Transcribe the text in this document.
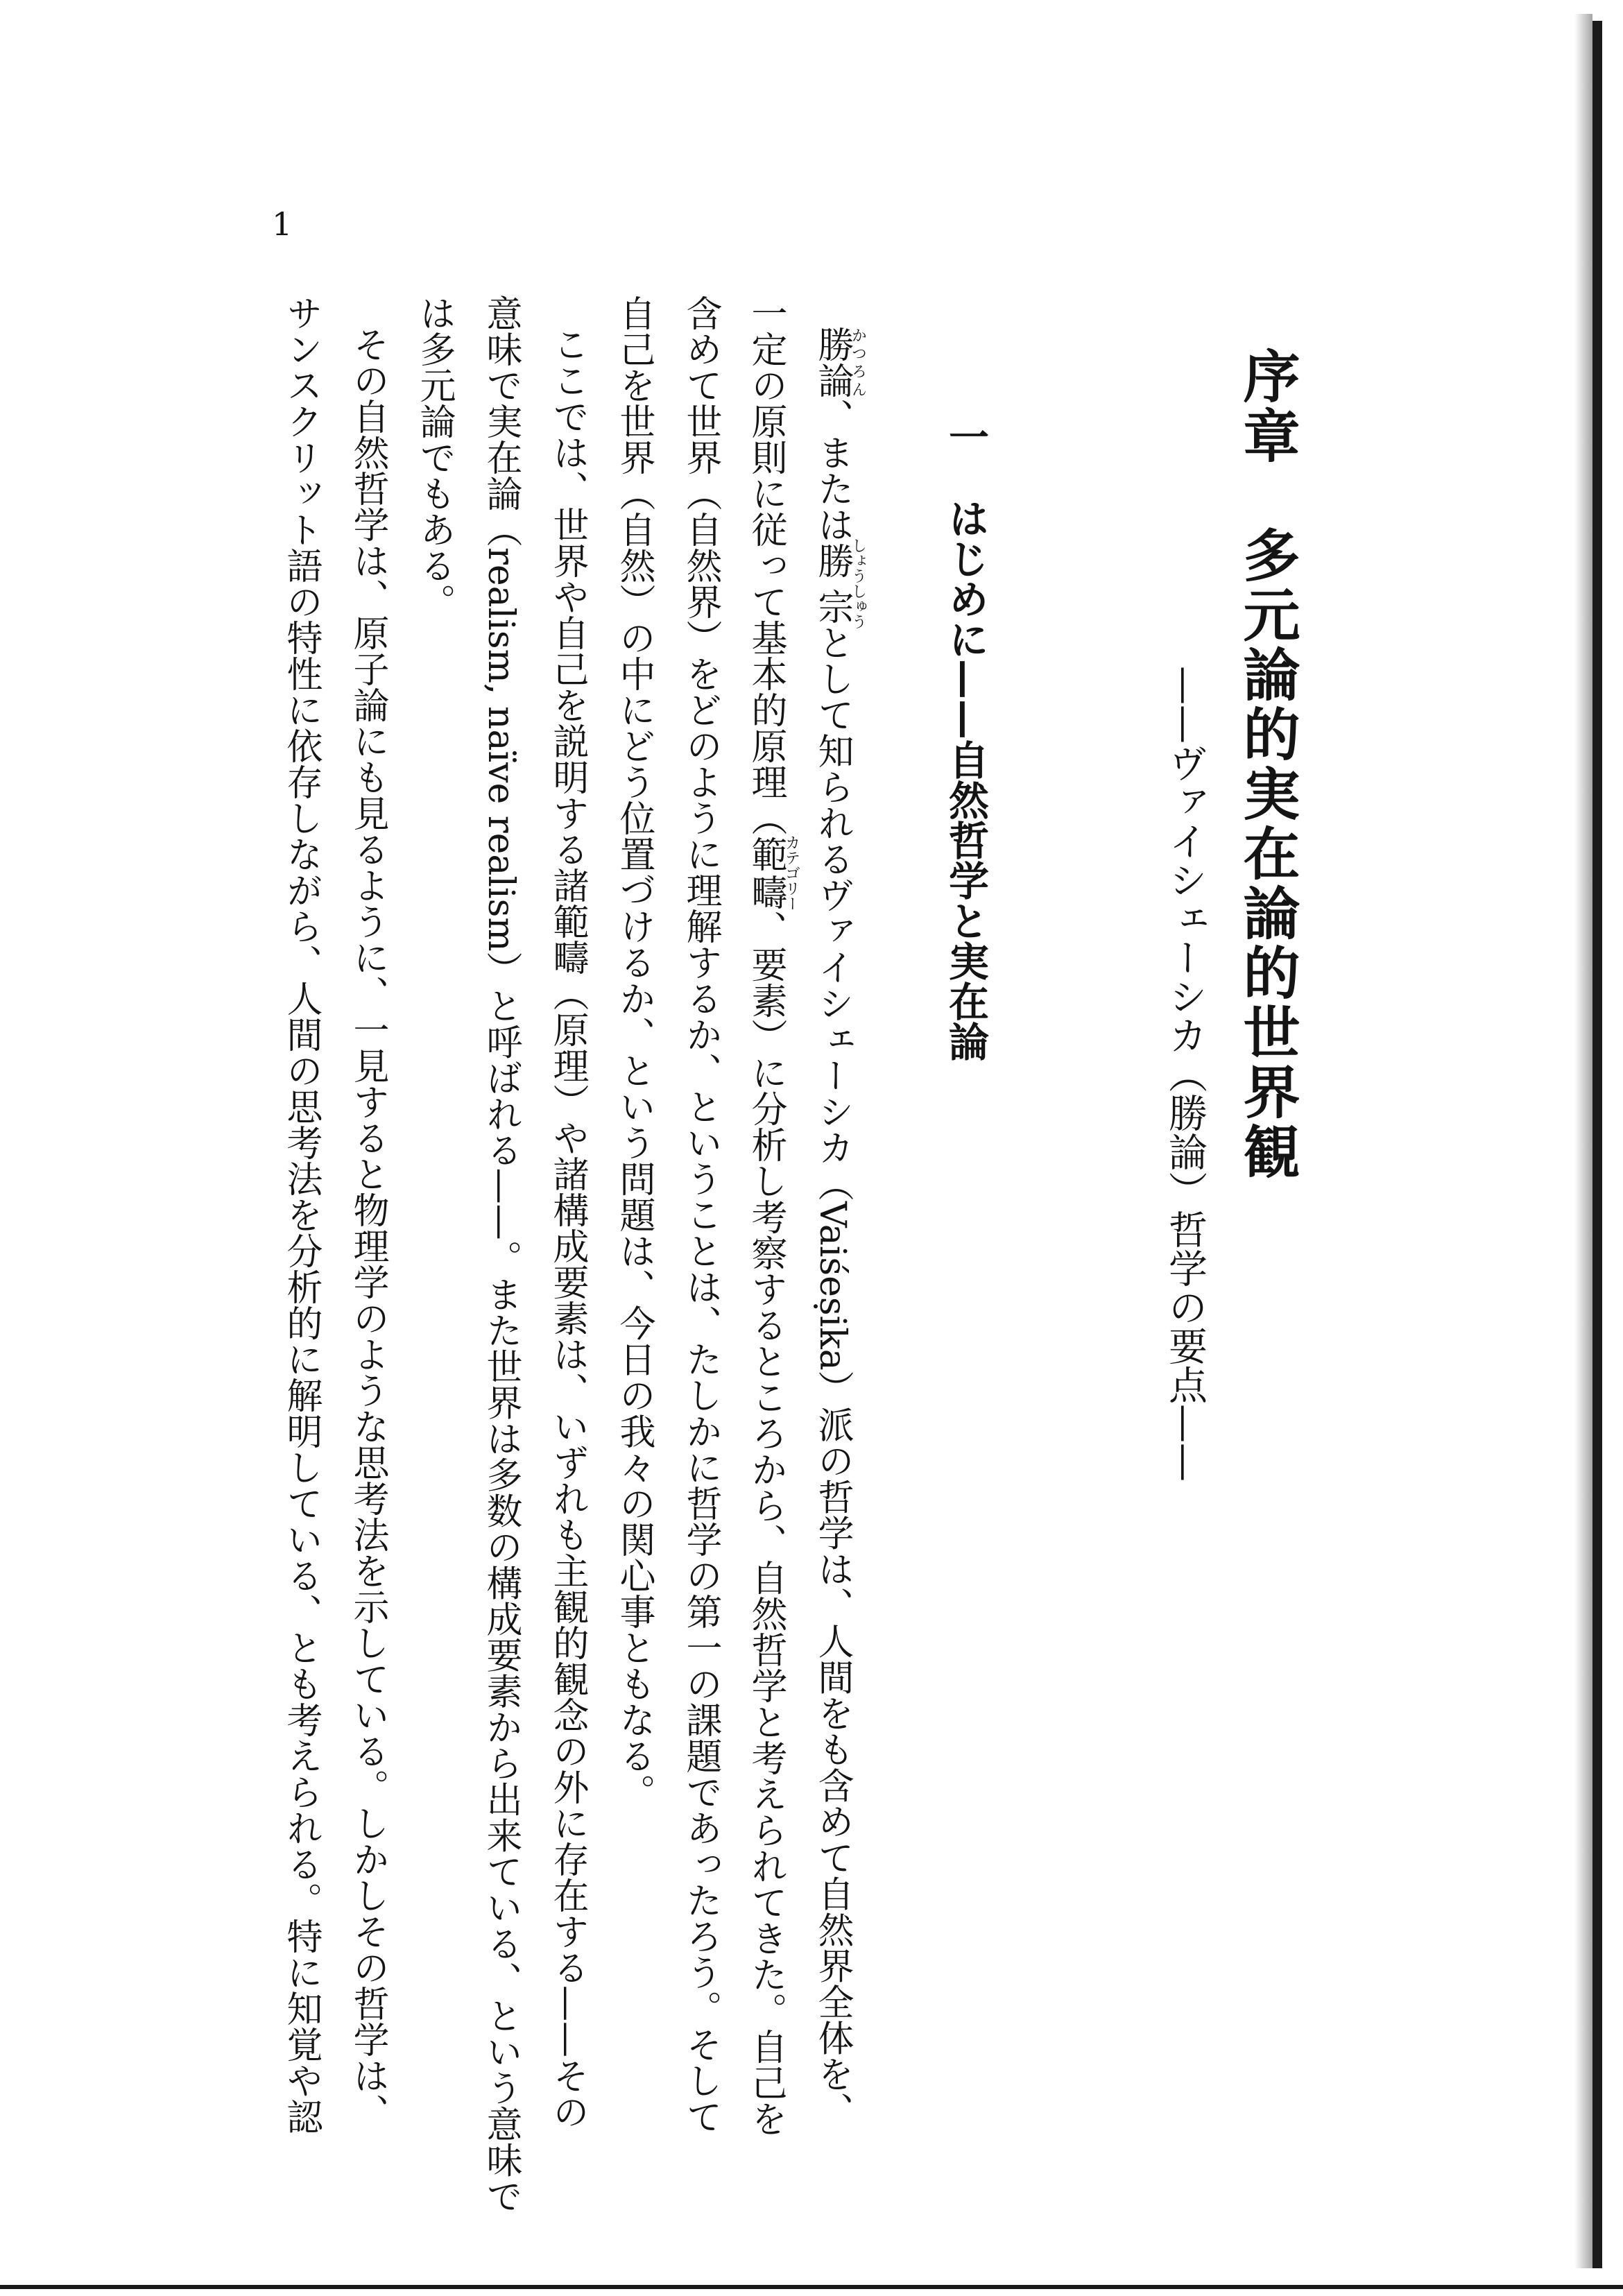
1
序章　多元論的実在論的世界観
——ヴァイシェーシカ（勝論）哲学の要点——
一はじめに——自然哲学と実在論

勝論かつろん、または勝宗しょうしゅうとして知られるヴァイシェーシカ（Vaiśeṣika）派の哲学は、人間をも含めて自然界全体を、

一定の原則に従って基本的原理（範疇カテゴリー、要素）に分析し考察するところから、自然哲学と考えられてきた。自己を

含めて世界（自然界）をどのように理解するか、ということは、たしかに哲学の第一の課題であったろう。そして

自己を世界（自然）の中にどう位置づけるか、という問題は、今日の我々の関心事ともなる。

ここでは、世界や自己を説明する諸範疇（原理）や諸構成要素は、いずれも主観的観念の外に存在する——その

意味で実在論（realism, naïve realism）と呼ばれる——。また世界は多数の構成要素から出来ている、という意味で

は多元論でもある。

その自然哲学は、原子論にも見るように、一見すると物理学のような思考法を示している。しかしその哲学は、

サンスクリット語の特性に依存しながら、人間の思考法を分析的に解明している、とも考えられる。特に知覚や認
